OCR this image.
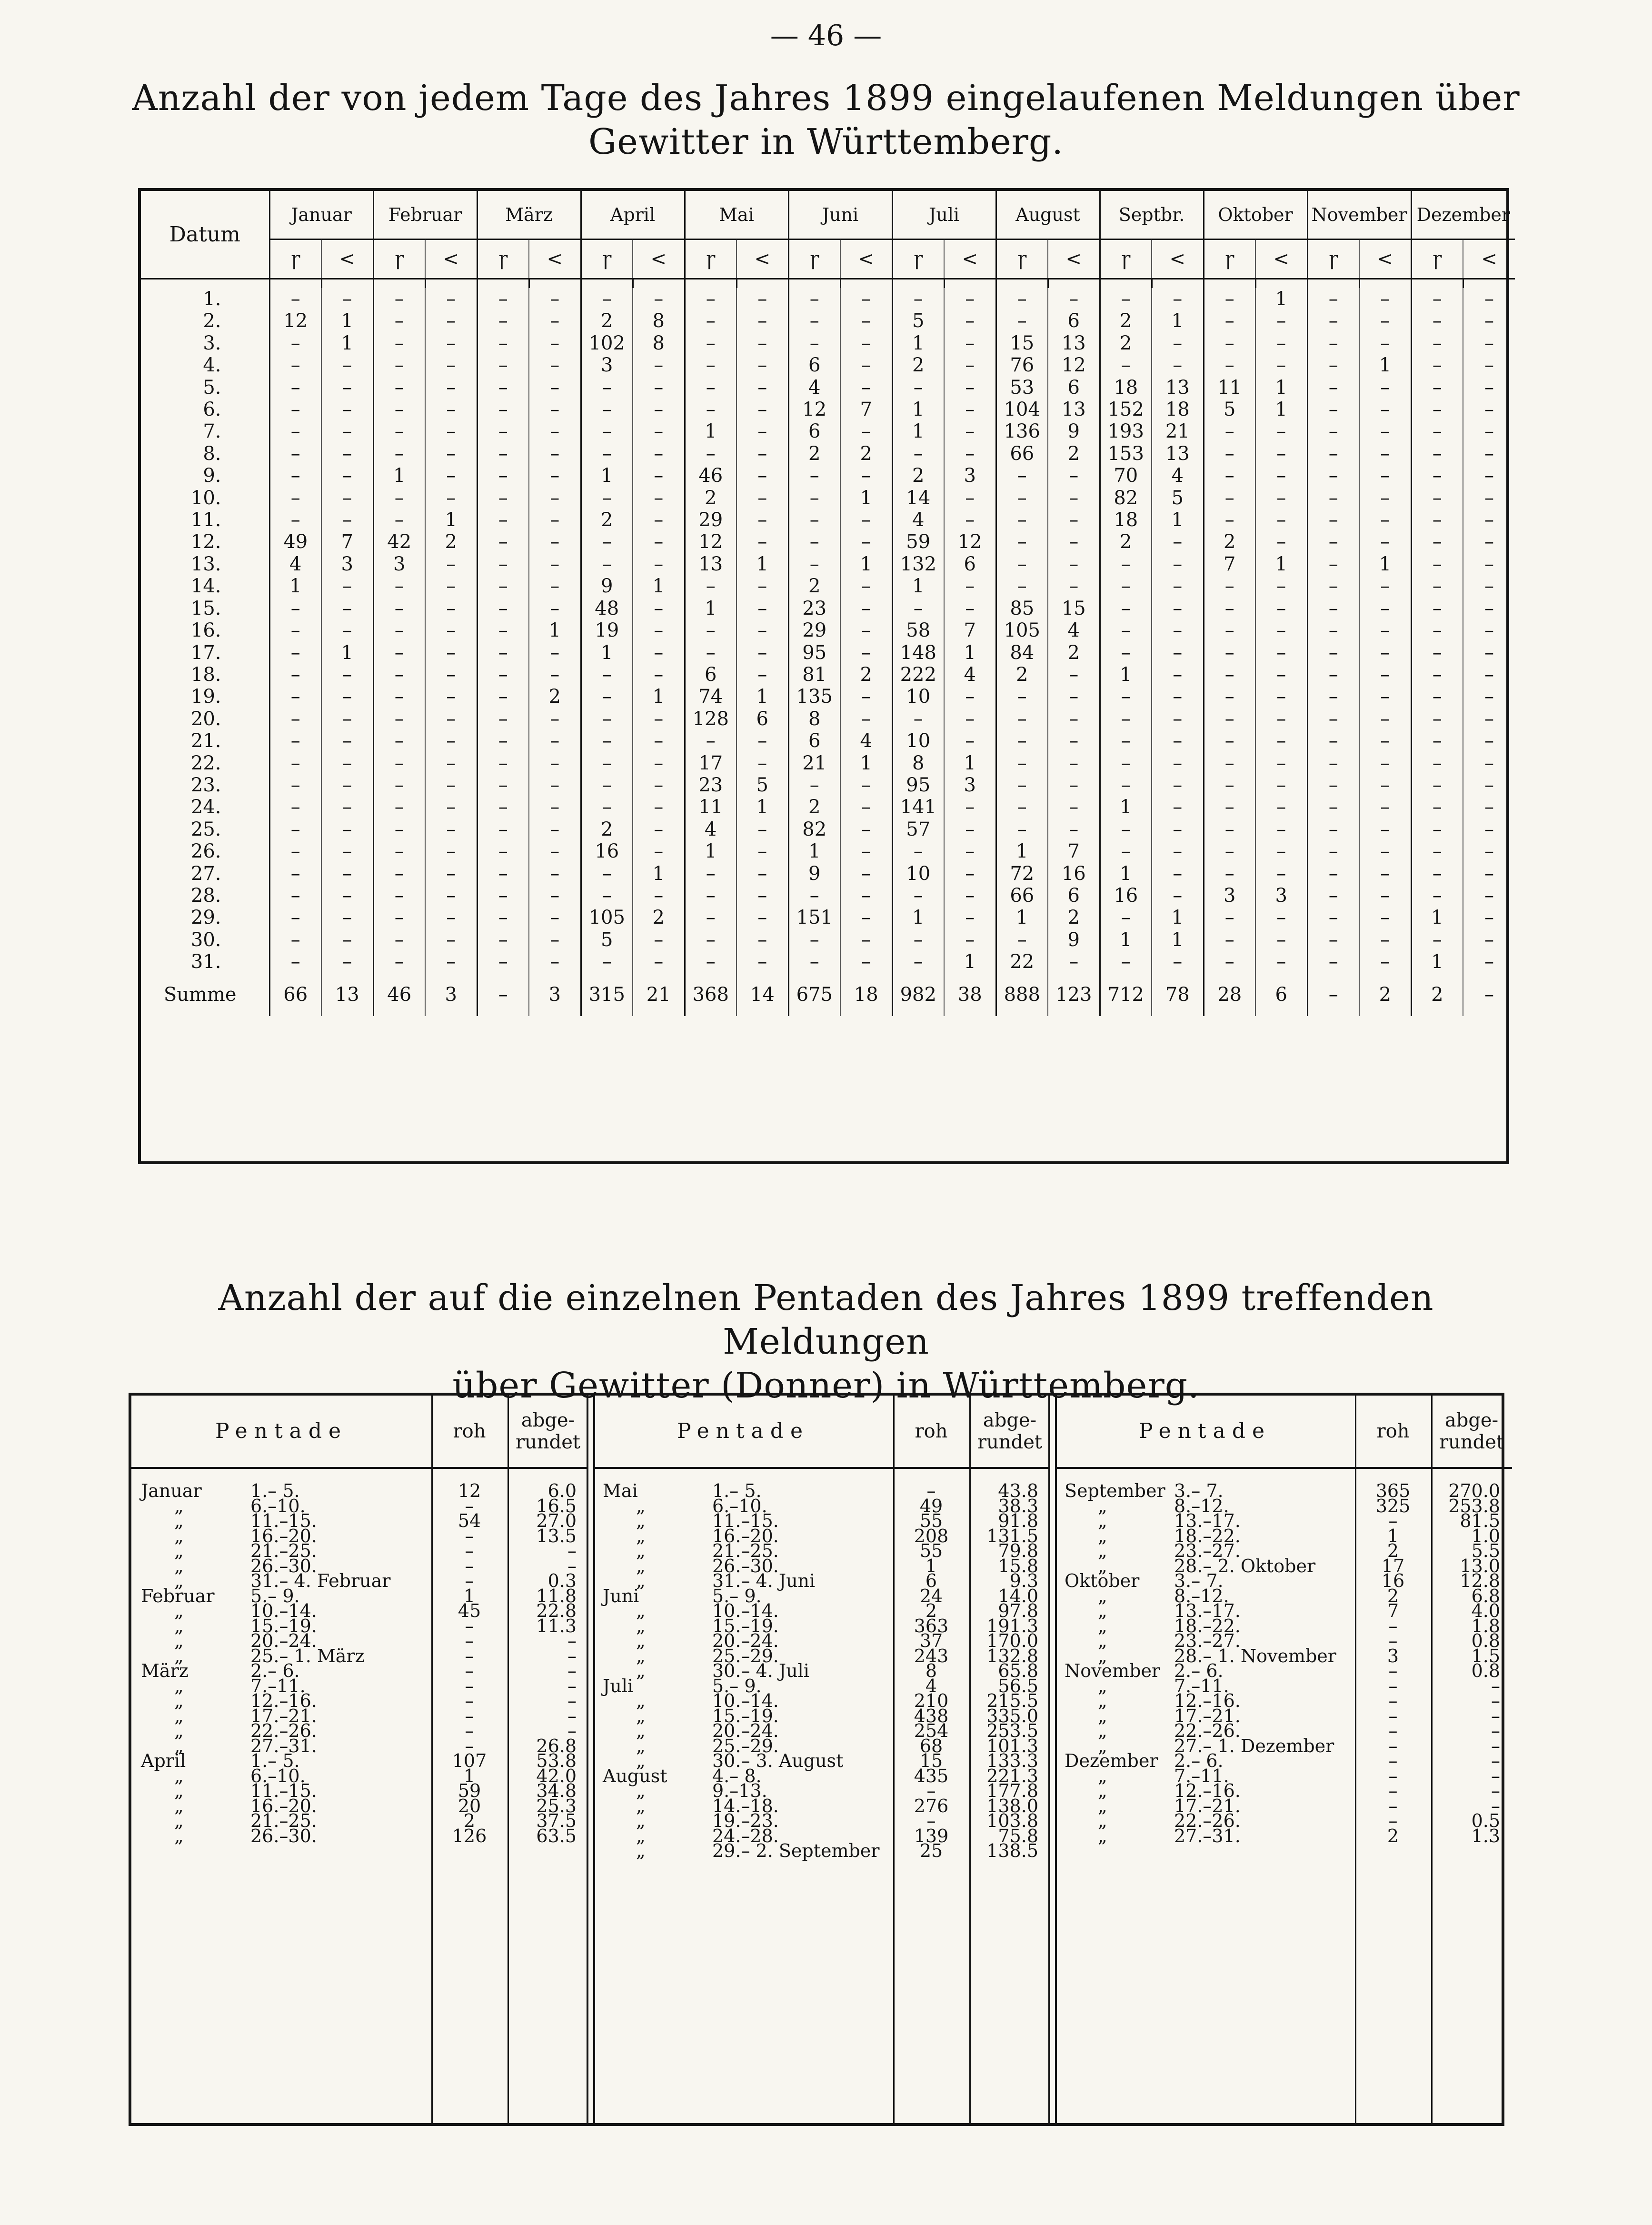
— 46 —
Anzahl der von jedem Tage des Jahres 1899 eingelaufenen Meldungen über
Gewitter in Württemberg.
Datum	Januar		Februar		März		April		Mai		Juni		Juli		August		Septbr.		Oktober		November		Dezember	
	ꞅ	<	ꞅ	<	ꞅ	<	ꞅ	<	ꞅ	<	ꞅ	<	ꞅ	<	ꞅ	<	ꞅ	<	ꞅ	<	ꞅ	<	ꞅ	<

1.	–	–	–	–	–	–	–	–	–	–	–	–	–	–	–	–	–	–	–	1	–	–	–	–
2.	12	1	–	–	–	–	2	8	–	–	–	–	5	–	–	6	2	1	–	–	–	–	–	–
3.	–	1	–	–	–	–	102	8	–	–	–	–	1	–	15	13	2	–	–	–	–	–	–	–
4.	–	–	–	–	–	–	3	–	–	–	6	–	2	–	76	12	–	–	–	–	–	1	–	–
5.	–	–	–	–	–	–	–	–	–	–	4	–	–	–	53	6	18	13	11	1	–	–	–	–
6.	–	–	–	–	–	–	–	–	–	–	12	7	1	–	104	13	152	18	5	1	–	–	–	–
7.	–	–	–	–	–	–	–	–	1	–	6	–	1	–	136	9	193	21	–	–	–	–	–	–
8.	–	–	–	–	–	–	–	–	–	–	2	2	–	–	66	2	153	13	–	–	–	–	–	–
9.	–	–	1	–	–	–	1	–	46	–	–	–	2	3	–	–	70	4	–	–	–	–	–	–
10.	–	–	–	–	–	–	–	–	2	–	–	1	14	–	–	–	82	5	–	–	–	–	–	–
11.	–	–	–	1	–	–	2	–	29	–	–	–	4	–	–	–	18	1	–	–	–	–	–	–
12.	49	7	42	2	–	–	–	–	12	–	–	–	59	12	–	–	2	–	2	–	–	–	–	–
13.	4	3	3	–	–	–	–	–	13	1	–	1	132	6	–	–	–	–	7	1	–	1	–	–
14.	1	–	–	–	–	–	9	1	–	–	2	–	1	–	–	–	–	–	–	–	–	–	–	–
15.	–	–	–	–	–	–	48	–	1	–	23	–	–	–	85	15	–	–	–	–	–	–	–	–
16.	–	–	–	–	–	1	19	–	–	–	29	–	58	7	105	4	–	–	–	–	–	–	–	–
17.	–	1	–	–	–	–	1	–	–	–	95	–	148	1	84	2	–	–	–	–	–	–	–	–
18.	–	–	–	–	–	–	–	–	6	–	81	2	222	4	2	–	1	–	–	–	–	–	–	–
19.	–	–	–	–	–	2	–	1	74	1	135	–	10	–	–	–	–	–	–	–	–	–	–	–
20.	–	–	–	–	–	–	–	–	128	6	8	–	–	–	–	–	–	–	–	–	–	–	–	–
21.	–	–	–	–	–	–	–	–	–	–	6	4	10	–	–	–	–	–	–	–	–	–	–	–
22.	–	–	–	–	–	–	–	–	17	–	21	1	8	1	–	–	–	–	–	–	–	–	–	–
23.	–	–	–	–	–	–	–	–	23	5	–	–	95	3	–	–	–	–	–	–	–	–	–	–
24.	–	–	–	–	–	–	–	–	11	1	2	–	141	–	–	–	1	–	–	–	–	–	–	–
25.	–	–	–	–	–	–	2	–	4	–	82	–	57	–	–	–	–	–	–	–	–	–	–	–
26.	–	–	–	–	–	–	16	–	1	–	1	–	–	–	1	7	–	–	–	–	–	–	–	–
27.	–	–	–	–	–	–	–	1	–	–	9	–	10	–	72	16	1	–	–	–	–	–	–	–
28.	–	–	–	–	–	–	–	–	–	–	–	–	–	–	66	6	16	–	3	3	–	–	–	–
29.	–	–	–	–	–	–	105	2	–	–	151	–	1	–	1	2	–	1	–	–	–	–	1	–
30.	–	–	–	–	–	–	5	–	–	–	–	–	–	–	–	9	1	1	–	–	–	–	–	–
31.	–	–	–	–	–	–	–	–	–	–	–	–	–	1	22	–	–	–	–	–	–	–	1	–
Summe	66	13	46	3	–	3	315	21	368	14	675	18	982	38	888	123	712	78	28	6	–	2	2	–
Anzahl der auf die einzelnen Pentaden des Jahres 1899 treffenden Meldungen
über Gewitter (Donner) in Württemberg.
Pentade	roh	abge-
rundet
Januar	1.– 5.	12	6.0
„	6.–10.	–	16.5
„	11.–15.	54	27.0
„	16.–20.	–	13.5
„	21.–25.	–	–
„	26.–30.	–	–
„	31.– 4. Februar	–	0.3
Februar 5.– 9.	1	11.8
„	10.–14.	45	22.8
„	15.–19.	–	11.3
„	20.–24.	–	–
„	25.– 1. März	–	–
März	2.– 6.	–	–
„	7.–11.	–	–
„	12.–16.	–	–
„	17.–21.	–	–
„	22.–26.	–	–
„	27.–31.	–	26.8
April	1.– 5.	107	53.8
„	6.–10.	1	42.0
„	11.–15.	59	34.8
„	16.–20.	20	25.3
„	21.–25.	2	37.5
„	26.–30.	126	63.5
Pentade	roh	abge-
rundet
Mai	1.– 5.	–	43.8
„	6.–10.	49	38.3
„	11.–15.	55	91.8
„	16.–20.	208	131.5
„	21.–25.	55	79.8
„	26.–30.	1	15.8
„	31.– 4. Juni	6	9.3
Juni	5.– 9.	24	14.0
„	10.–14.	2	97.8
„	15.–19.	363	191.3
„	20.–24.	37	170.0
„	25.–29.	243	132.8
„	30.– 4. Juli	8	65.8
Juli	5.– 9.	4	56.5
„	10.–14.	210	215.5
„	15.–19.	438	335.0
„	20.–24.	254	253.5
„	25.–29.	68	101.3
„	30.– 3. August	15	133.3
August 4.– 8.	435	221.3
„	9.–13.	–	177.8
„	14.–18.	276	138.0
„	19.–23.	–	103.8
„	24.–28.	139	75.8
„	29.– 2. September	25	138.5
Pentade	roh	abge-
rundet
September 3.– 7.	365	270.0
„	8.–12.	325	253.8
„	13.–17.	–	81.5
„	18.–22.	1	1.0
„	23.–27.	2	5.5
„	28.– 2. Oktober	17	13.0
Oktober 3.– 7.	16	12.8
„	8.–12.	2	6.8
„	13.–17.	7	4.0
„	18.–22.	–	1.8
„	23.–27.	–	0.8
„	28.– 1. November	3	1.5
November 2.– 6.	–	0.8
„	7.–11.	–	–
„	12.–16.	–	–
„	17.–21.	–	–
„	22.–26.	–	–
„	27.– 1. Dezember	–	–
Dezember 2.– 6.	–	–
„	7.–11.	–	–
„	12.–16.	–	–
„	17.–21.	–	–
„	22.–26.	–	0.5
„	27.–31.	2	1.3
